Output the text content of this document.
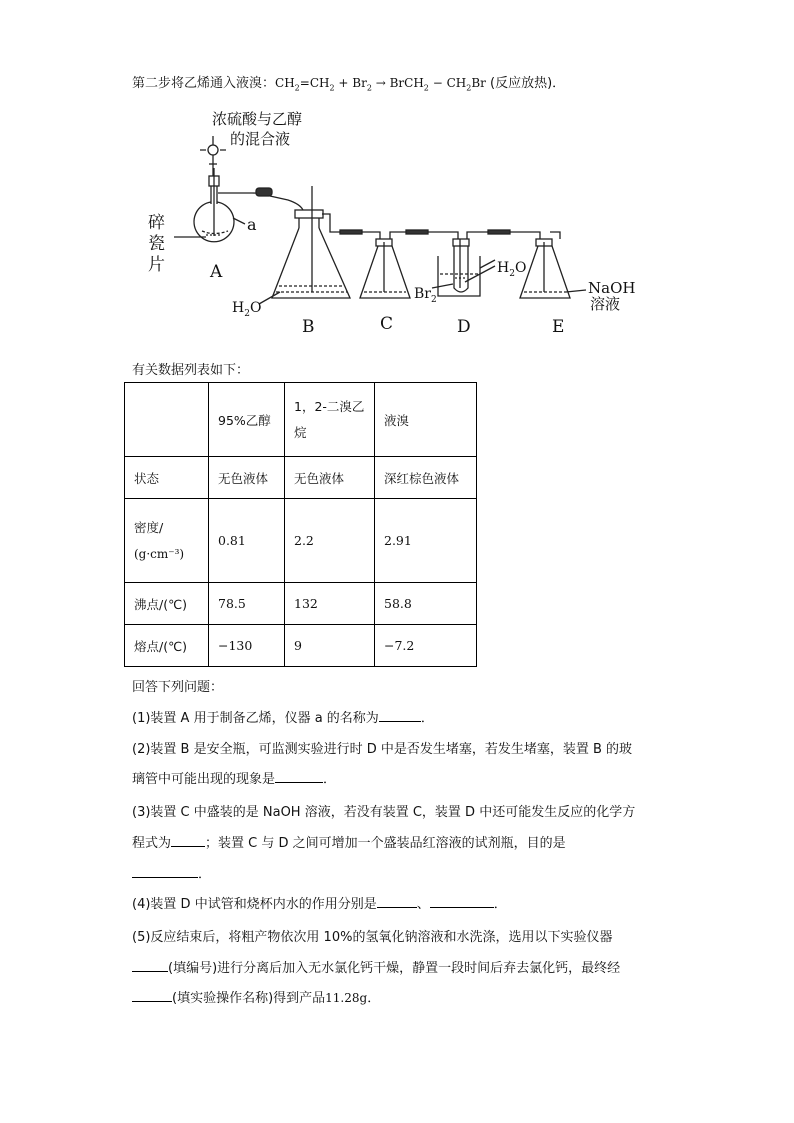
第二步将乙烯通入液溴：$CH_2=CH_2 + Br_2$ → BrCH$_2$ − $CH_2Br$ (反应放热)．
浓硫酸与乙醇
的混合液
碎
瓷
片
a
A
B	C	D	E
$H_2O$
$Br_2$
$H_2O$
NaOH
溶液
有关数据列表如下：
	95%乙醇	1，2-二溴乙
烷	液溴
状态	无色液体	无色液体	深红棕色液体

密度/
(g·cm⁻³)	0.81	2.2	2.91
沸点/(℃)	78.5	132	58.8
熔点/(℃)	−130	9	−7.2
回答下列问题：
(1)装置 A 用于制备乙烯，仪器 a 的名称为	．
(2)装置 B 是安全瓶，可监测实验进行时 D 中是否发生堵塞，若发生堵塞，装置 B 的玻
璃管中可能出现的现象是	．
(3)装置 C 中盛装的是 NaOH 溶液，若没有装置 C，装置 D 中还可能发生反应的化学方
程式为	；装置 C 与 D 之间可增加一个盛装品红溶液的试剂瓶，目的是
．
(4)装置 D 中试管和烧杯内水的作用分别是	、	．
(5)反应结束后，将粗产物依次用 10%的氢氧化钠溶液和水洗涤，选用以下实验仪器
(填编号)进行分离后加入无水氯化钙干燥，静置一段时间后弃去氯化钙，最终经
(填实验操作名称)得到产品11.28g．
